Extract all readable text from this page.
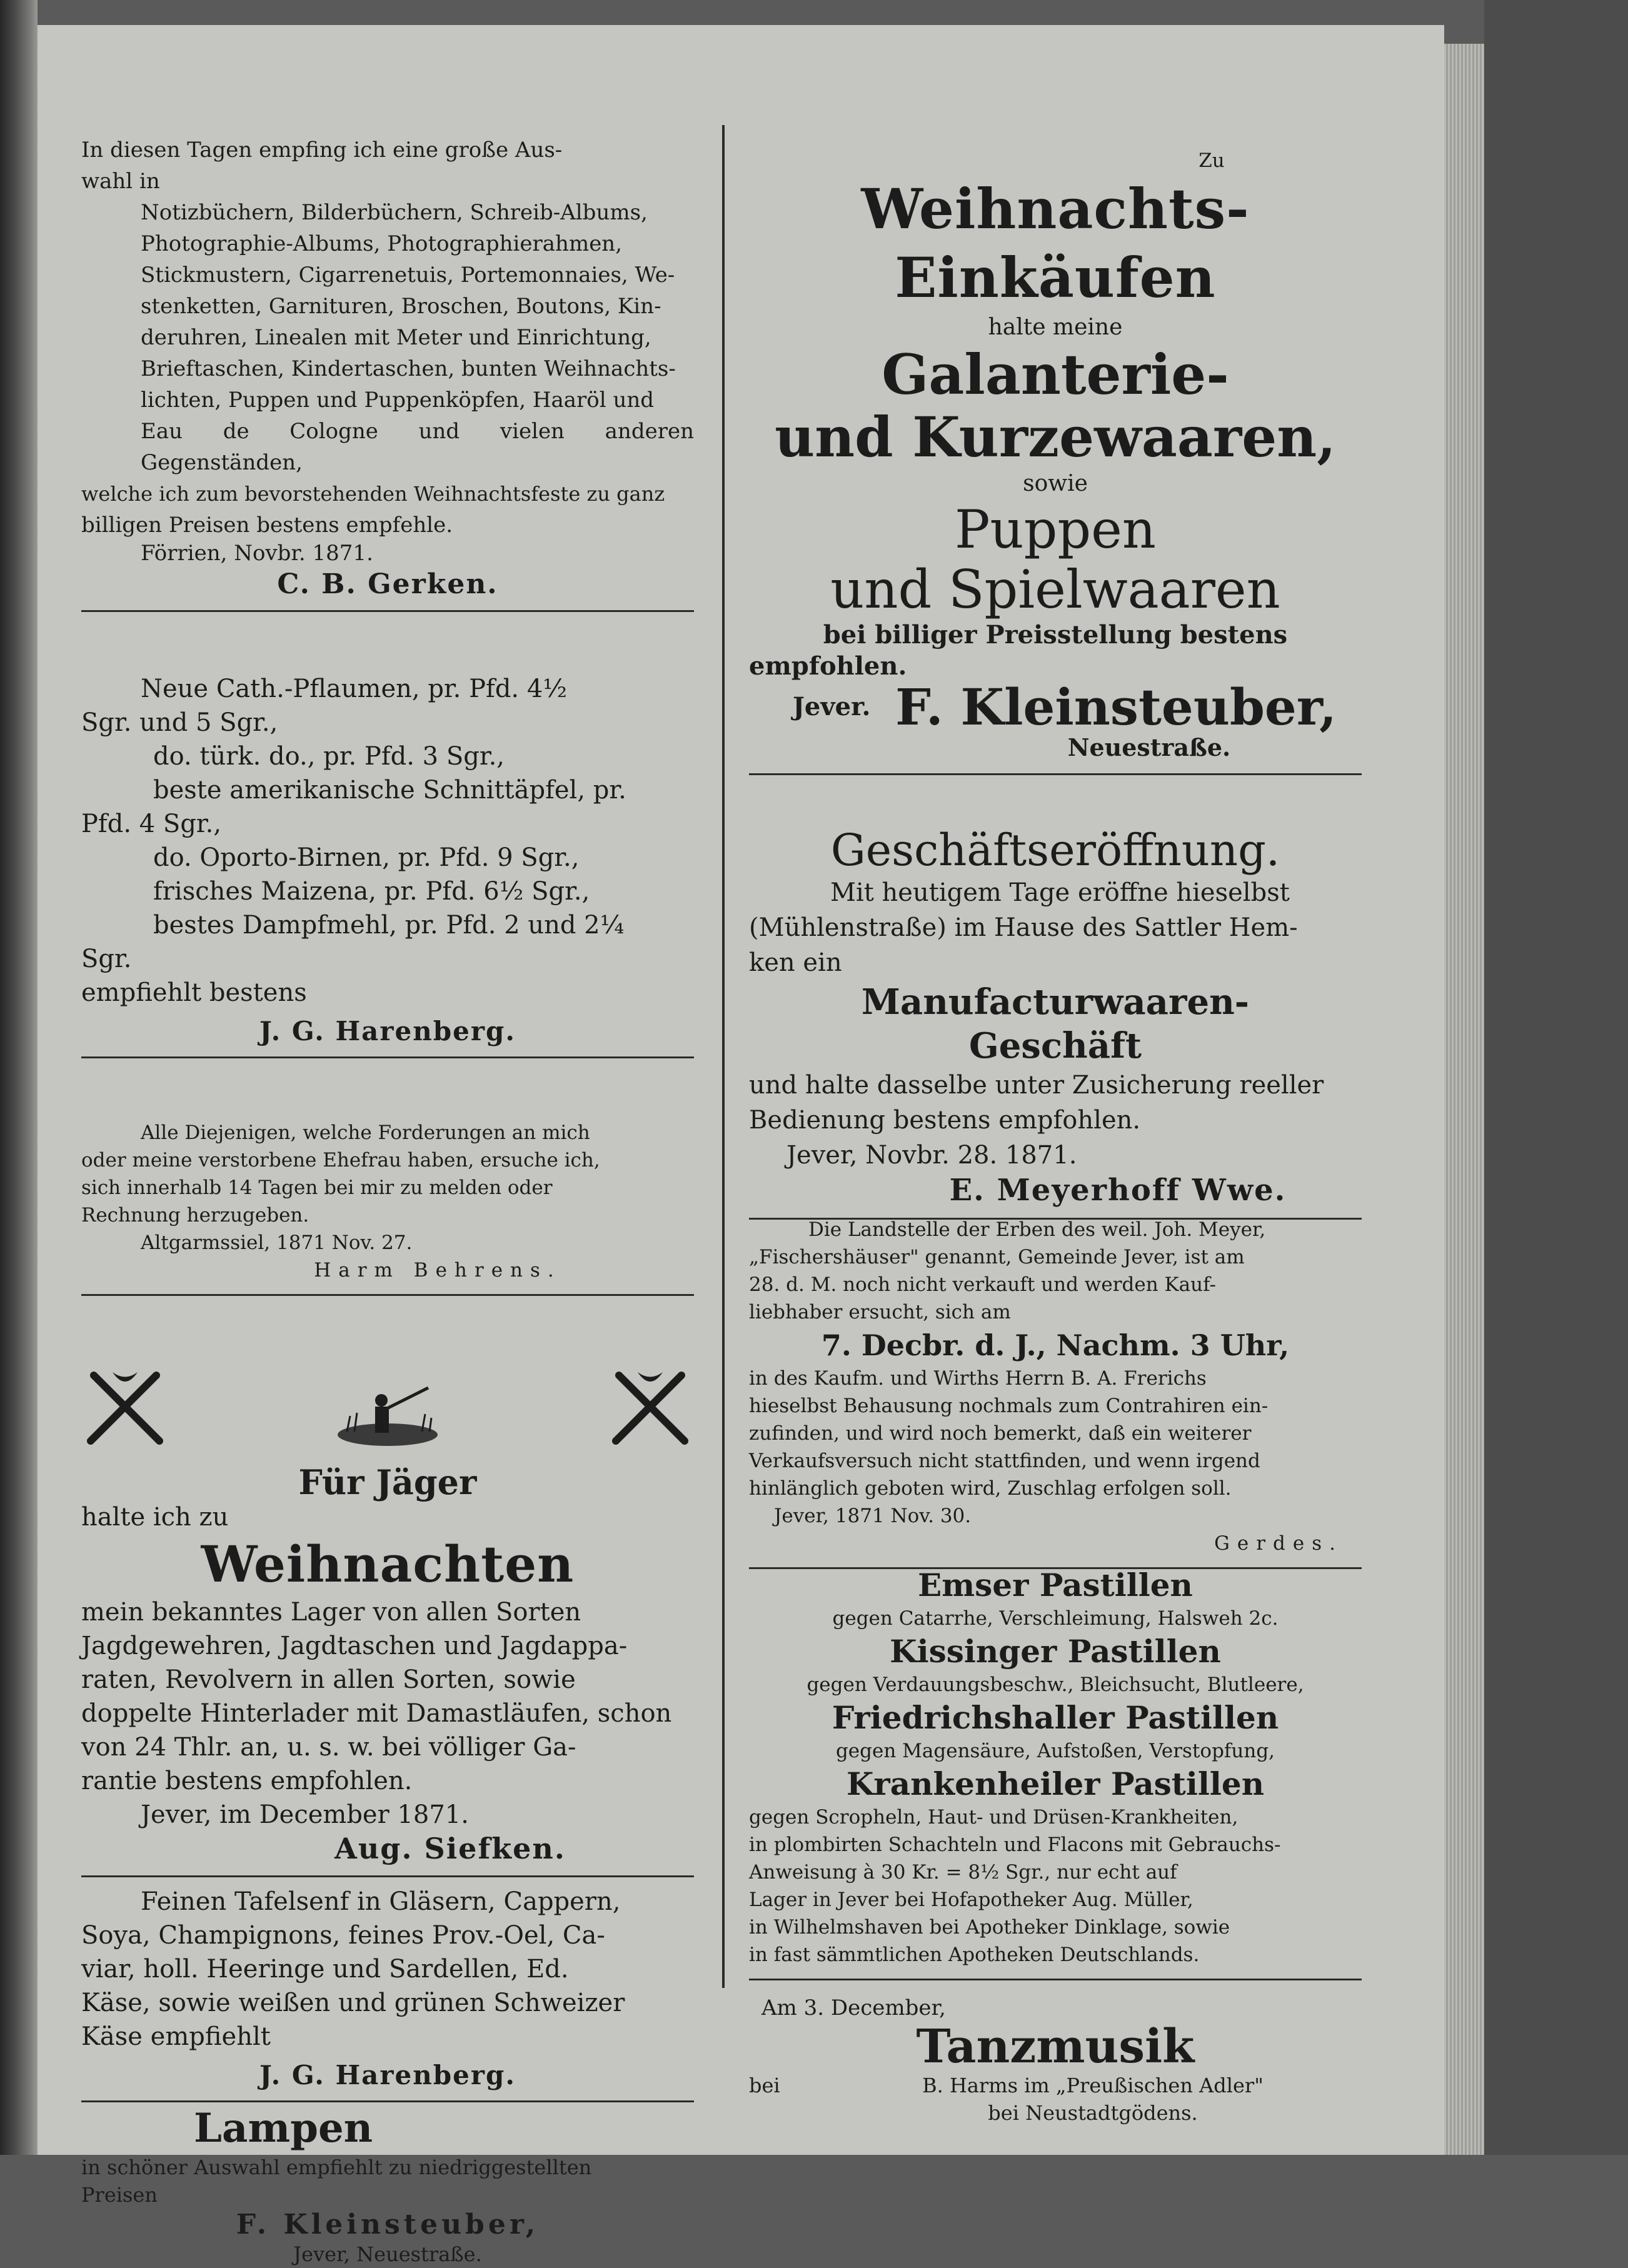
In diesen Tagen empfing ich eine große Aus-

wahl in

Notizbüchern, Bilderbüchern, Schreib-Albums,

Photographie-Albums, Photographierahmen,

Stickmustern, Cigarrenetuis, Portemonnaies, We-

stenketten, Garnituren, Broschen, Boutons, Kin-

deruhren, Linealen mit Meter und Einrichtung,

Brieftaschen, Kindertaschen, bunten Weihnachts-

lichten, Puppen und Puppenköpfen, Haaröl und

Eau de Cologne und vielen anderen Gegenständen,

welche ich zum bevorstehenden Weihnachtsfeste zu ganz

billigen Preisen bestens empfehle.

Förrien, Novbr. 1871.

C. B. Gerken.

Neue Cath.-Pflaumen, pr. Pfd. 4½

Sgr. und 5 Sgr.,

do. türk. do., pr. Pfd. 3 Sgr.,

beste amerikanische Schnittäpfel, pr.

Pfd. 4 Sgr.,

do. Oporto-Birnen, pr. Pfd. 9 Sgr.,

frisches Maizena, pr. Pfd. 6½ Sgr.,

bestes Dampfmehl, pr. Pfd. 2 und 2¼

Sgr.

empfiehlt bestens

J. G. Harenberg.

Alle Diejenigen, welche Forderungen an mich

oder meine verstorbene Ehefrau haben, ersuche ich,

sich innerhalb 14 Tagen bei mir zu melden oder

Rechnung herzugeben.

Altgarmssiel, 1871 Nov. 27.

Harm Behrens.

Für Jäger

halte ich zu

Weihnachten

mein bekanntes Lager von allen Sorten

Jagdgewehren, Jagdtaschen und Jagdappa-

raten, Revolvern in allen Sorten, sowie

doppelte Hinterlader mit Damastläufen, schon

von 24 Thlr. an, u. s. w. bei völliger Ga-

rantie bestens empfohlen.

Jever, im December 1871.

Aug. Siefken.

Feinen Tafelsenf in Gläsern, Cappern,

Soya, Champignons, feines Prov.-Oel, Ca-

viar, holl. Heeringe und Sardellen, Ed.

Käse, sowie weißen und grünen Schweizer

Käse empfiehlt

J. G. Harenberg.

Lampen

in schöner Auswahl empfiehlt zu niedriggestellten

Preisen

F. Kleinsteuber,

Jever, Neuestraße.

Zu

Weihnachts-Einkäufen

halte meine

Galanterie-

und Kurzewaaren,

sowie

Puppen

und Spielwaaren

bei billiger Preisstellung bestens

empfohlen.

Jever. F. Kleinsteuber,

Neuestraße.

Geschäftseröffnung.

Mit heutigem Tage eröffne hieselbst

(Mühlenstraße) im Hause des Sattler Hem-

ken ein

Manufacturwaaren-

Geschäft

und halte dasselbe unter Zusicherung reeller

Bedienung bestens empfohlen.

Jever, Novbr. 28. 1871.

E. Meyerhoff Wwe.

Die Landstelle der Erben des weil. Joh. Meyer,

„Fischershäuser" genannt, Gemeinde Jever, ist am

28. d. M. noch nicht verkauft und werden Kauf-

liebhaber ersucht, sich am

7. Decbr. d. J., Nachm. 3 Uhr,

in des Kaufm. und Wirths Herrn B. A. Frerichs

hieselbst Behausung nochmals zum Contrahiren ein-

zufinden, und wird noch bemerkt, daß ein weiterer

Verkaufsversuch nicht stattfinden, und wenn irgend

hinlänglich geboten wird, Zuschlag erfolgen soll.

Jever, 1871 Nov. 30.

Gerdes.

Emser Pastillen

gegen Catarrhe, Verschleimung, Halsweh 2c.

Kissinger Pastillen

gegen Verdauungsbeschw., Bleichsucht, Blutleere,

Friedrichshaller Pastillen

gegen Magensäure, Aufstoßen, Verstopfung,

Krankenheiler Pastillen

gegen Scropheln, Haut- und Drüsen-Krankheiten,

in plombirten Schachteln und Flacons mit Gebrauchs-

Anweisung à 30 Kr. = 8½ Sgr., nur echt auf

Lager in Jever bei Hofapotheker Aug. Müller,

in Wilhelmshaven bei Apotheker Dinklage, sowie

in fast sämmtlichen Apotheken Deutschlands.

Am 3. December,

Tanzmusik

bei	B. Harms im „Preußischen Adler"

bei Neustadtgödens.
